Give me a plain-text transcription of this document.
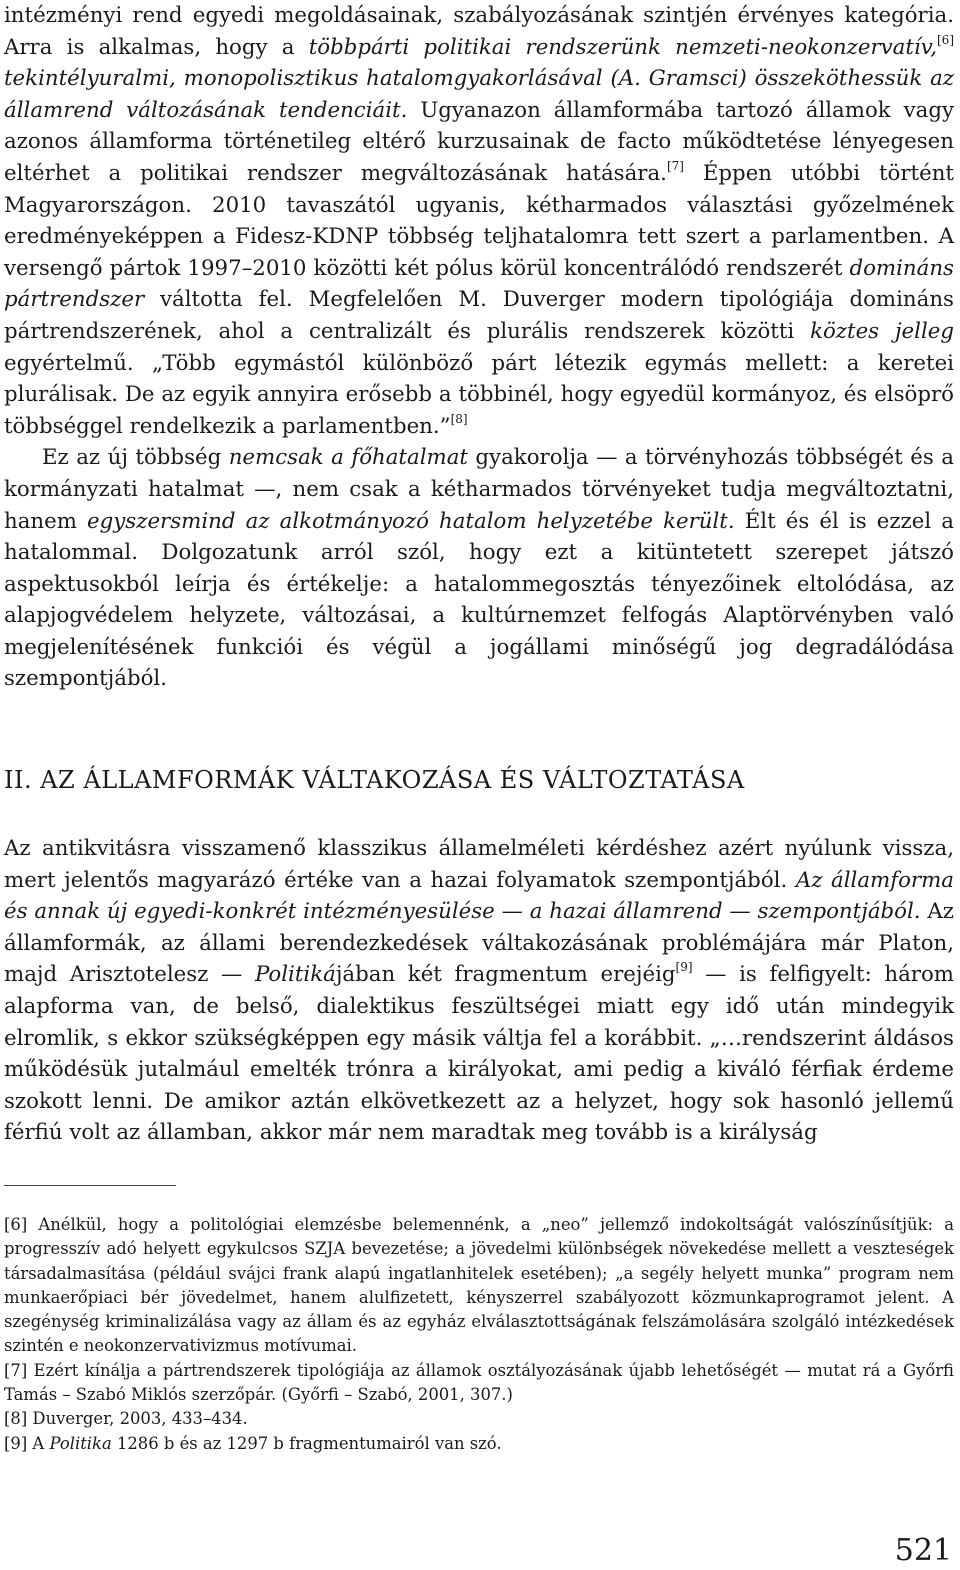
intézményi rend egyedi megoldásainak, szabályozásának szintjén érvényes kategória. Arra is alkalmas, hogy a többpárti politikai rendszerünk nemzeti-neokonzervatív,[6] tekintélyuralmi, monopolisztikus hatalomgyakorlásával (A. Gramsci) összeköthessük az államrend változásának tendenciáit. Ugyanazon államformába tartozó államok vagy azonos államforma történetileg eltérő kurzusainak de facto működtetése lényegesen eltérhet a politikai rendszer megváltozásának hatására.[7] Éppen utóbbi történt Magyarországon. 2010 tavaszától ugyanis, kétharmados választási győzelmének eredményeképpen a Fidesz-KDNP többség teljhatalomra tett szert a parlamentben. A versengő pártok 1997–2010 közötti két pólus körül koncentrálódó rendszerét domináns pártrendszer váltotta fel. Megfelelően M. Duverger modern tipológiája domináns pártrendszerének, ahol a centralizált és plurális rendszerek közötti köztes jelleg egyértelmű. „Több egymástól különböző párt létezik egymás mellett: a keretei plurálisak. De az egyik annyira erősebb a többinél, hogy egyedül kormányoz, és elsöprő többséggel rendelkezik a parlamentben.”[8]

Ez az új többség nemcsak a főhatalmat gyakorolja — a törvényhozás többségét és a kormányzati hatalmat —, nem csak a kétharmados törvényeket tudja megváltoztatni, hanem egyszersmind az alkotmányozó hatalom helyzetébe került. Élt és él is ezzel a hatalommal. Dolgozatunk arról szól, hogy ezt a kitüntetett szerepet játszó aspektusokból leírja és értékelje: a hatalommegosztás tényezőinek eltolódása, az alapjogvédelem helyzete, változásai, a kultúrnemzet felfogás Alaptörvényben való megjelenítésének funkciói és végül a jogállami minőségű jog degradálódása szempontjából.

II. AZ ÁLLAMFORMÁK VÁLTAKOZÁSA ÉS VÁLTOZTATÁSA

Az antikvitásra visszamenő klasszikus államelméleti kérdéshez azért nyúlunk vissza, mert jelentős magyarázó értéke van a hazai folyamatok szempontjából. Az államforma és annak új egyedi-konkrét intézményesülése — a hazai államrend — szempontjából. Az államformák, az állami berendezkedések váltakozásának problémájára már Platon, majd Arisztotelesz — Politikájában két fragmentum erejéig[9] — is felfigyelt: három alapforma van, de belső, dialektikus feszültségei miatt egy idő után mindegyik elromlik, s ekkor szükségképpen egy másik váltja fel a korábbit. „…rendszerint áldásos működésük jutalmául emelték trónra a királyokat, ami pedig a kiváló férfiak érdeme szokott lenni. De amikor aztán elkövetkezett az a helyzet, hogy sok hasonló jellemű férfiú volt az államban, akkor már nem maradtak meg tovább is a királyság

[6] Anélkül, hogy a politológiai elemzésbe belemennénk, a „neo” jellemző indokoltságát valószínűsítjük: a progresszív adó helyett egykulcsos SZJA bevezetése; a jövedelmi különbségek növekedése mellett a veszteségek társadalmasítása (például svájci frank alapú ingatlanhitelek esetében); „a segély helyett munka” program nem munkaerőpiaci bér jövedelmet, hanem alulfizetett, kényszerrel szabályozott közmunkaprogramot jelent. A szegénység kriminalizálása vagy az állam és az egyház elválasztottságának felszámolására szolgáló intézkedések szintén e neokonzervativizmus motívumai.

[7] Ezért kínálja a pártrendszerek tipológiája az államok osztályozásának újabb lehetőségét — mutat rá a Győrfi Tamás – Szabó Miklós szerzőpár. (Győrfi – Szabó, 2001, 307.)

[8] Duverger, 2003, 433–434.

[9] A Politika 1286 b és az 1297 b fragmentumairól van szó.

521
